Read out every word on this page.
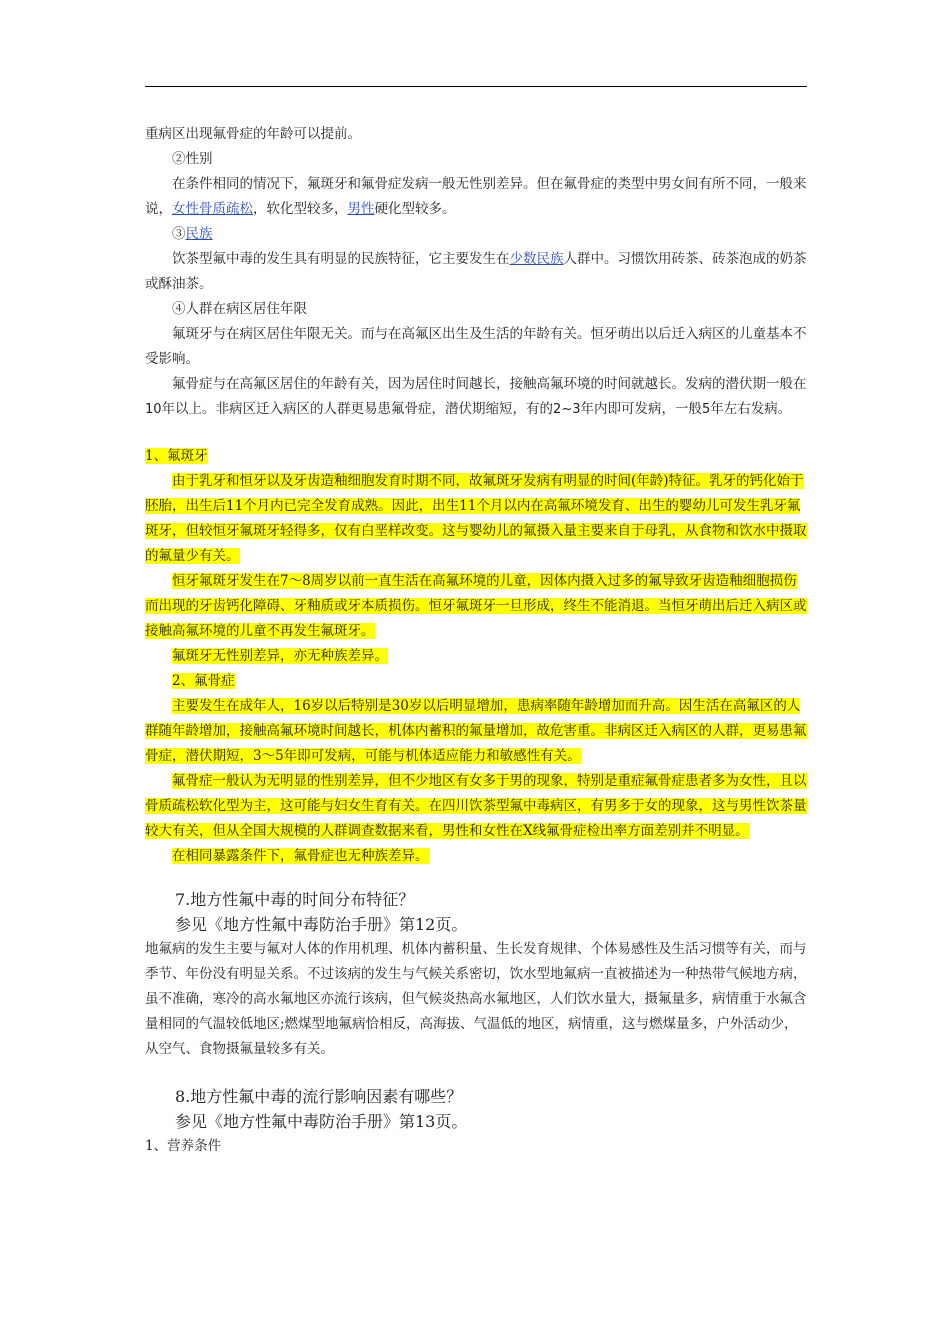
重病区出现氟骨症的年龄可以提前。

②性别

在条件相同的情况下，氟斑牙和氟骨症发病一般无性别差异。但在氟骨症的类型中男女间有所不同，一般来说，女性骨质疏松，软化型较多，男性硬化型较多。

③民族

饮茶型氟中毒的发生具有明显的民族特征，它主要发生在少数民族人群中。习惯饮用砖茶、砖茶泡成的奶茶或酥油茶。

④人群在病区居住年限

氟斑牙与在病区居住年限无关。而与在高氟区出生及生活的年龄有关。恒牙萌出以后迁入病区的儿童基本不受影响。

氟骨症与在高氟区居住的年龄有关，因为居住时间越长，接触高氟环境的时间就越长。发病的潜伏期一般在10年以上。非病区迁入病区的人群更易患氟骨症，潜伏期缩短，有的2~3年内即可发病，一般5年左右发病。

1、氟斑牙

由于乳牙和恒牙以及牙齿造釉细胞发育时期不同，故氟斑牙发病有明显的时间(年龄)特征。乳牙的钙化始于胚胎，出生后11个月内已完全发育成熟。因此，出生11个月以内在高氟环境发育、出生的婴幼儿可发生乳牙氟斑牙，但较恒牙氟斑牙轻得多，仅有白垩样改变。这与婴幼儿的氟摄入量主要来自于母乳，从食物和饮水中摄取的氟量少有关。

恒牙氟斑牙发生在7～8周岁以前一直生活在高氟环境的儿童，因体内摄入过多的氟导致牙齿造釉细胞损伤而出现的牙齿钙化障碍、牙釉质或牙本质损伤。恒牙氟斑牙一旦形成，终生不能消退。当恒牙萌出后迁入病区或接触高氟环境的儿童不再发生氟斑牙。

氟斑牙无性别差异，亦无种族差异。

2、氟骨症

主要发生在成年人，16岁以后特别是30岁以后明显增加，患病率随年龄增加而升高。因生活在高氟区的人群随年龄增加，接触高氟环境时间越长，机体内蓄积的氟量增加，故危害重。非病区迁入病区的人群，更易患氟骨症，潜伏期短，3～5年即可发病，可能与机体适应能力和敏感性有关。

氟骨症一般认为无明显的性别差异，但不少地区有女多于男的现象，特别是重症氟骨症患者多为女性，且以骨质疏松软化型为主，这可能与妇女生育有关。在四川饮茶型氟中毒病区，有男多于女的现象，这与男性饮茶量较大有关，但从全国大规模的人群调查数据来看，男性和女性在X线氟骨症检出率方面差别并不明显。

在相同暴露条件下，氟骨症也无种族差异。

7.地方性氟中毒的时间分布特征？

参见《地方性氟中毒防治手册》第12页。

地氟病的发生主要与氟对人体的作用机理、机体内蓄积量、生长发育规律、个体易感性及生活习惯等有关，而与季节、年份没有明显关系。不过该病的发生与气候关系密切，饮水型地氟病一直被描述为一种热带气候地方病，虽不准确，寒冷的高水氟地区亦流行该病，但气候炎热高水氟地区，人们饮水量大，摄氟量多，病情重于水氟含量相同的气温较低地区;燃煤型地氟病恰相反，高海拔、气温低的地区，病情重，这与燃煤量多，户外活动少，从空气、食物摄氟量较多有关。

8.地方性氟中毒的流行影响因素有哪些？

参见《地方性氟中毒防治手册》第13页。

1、营养条件
